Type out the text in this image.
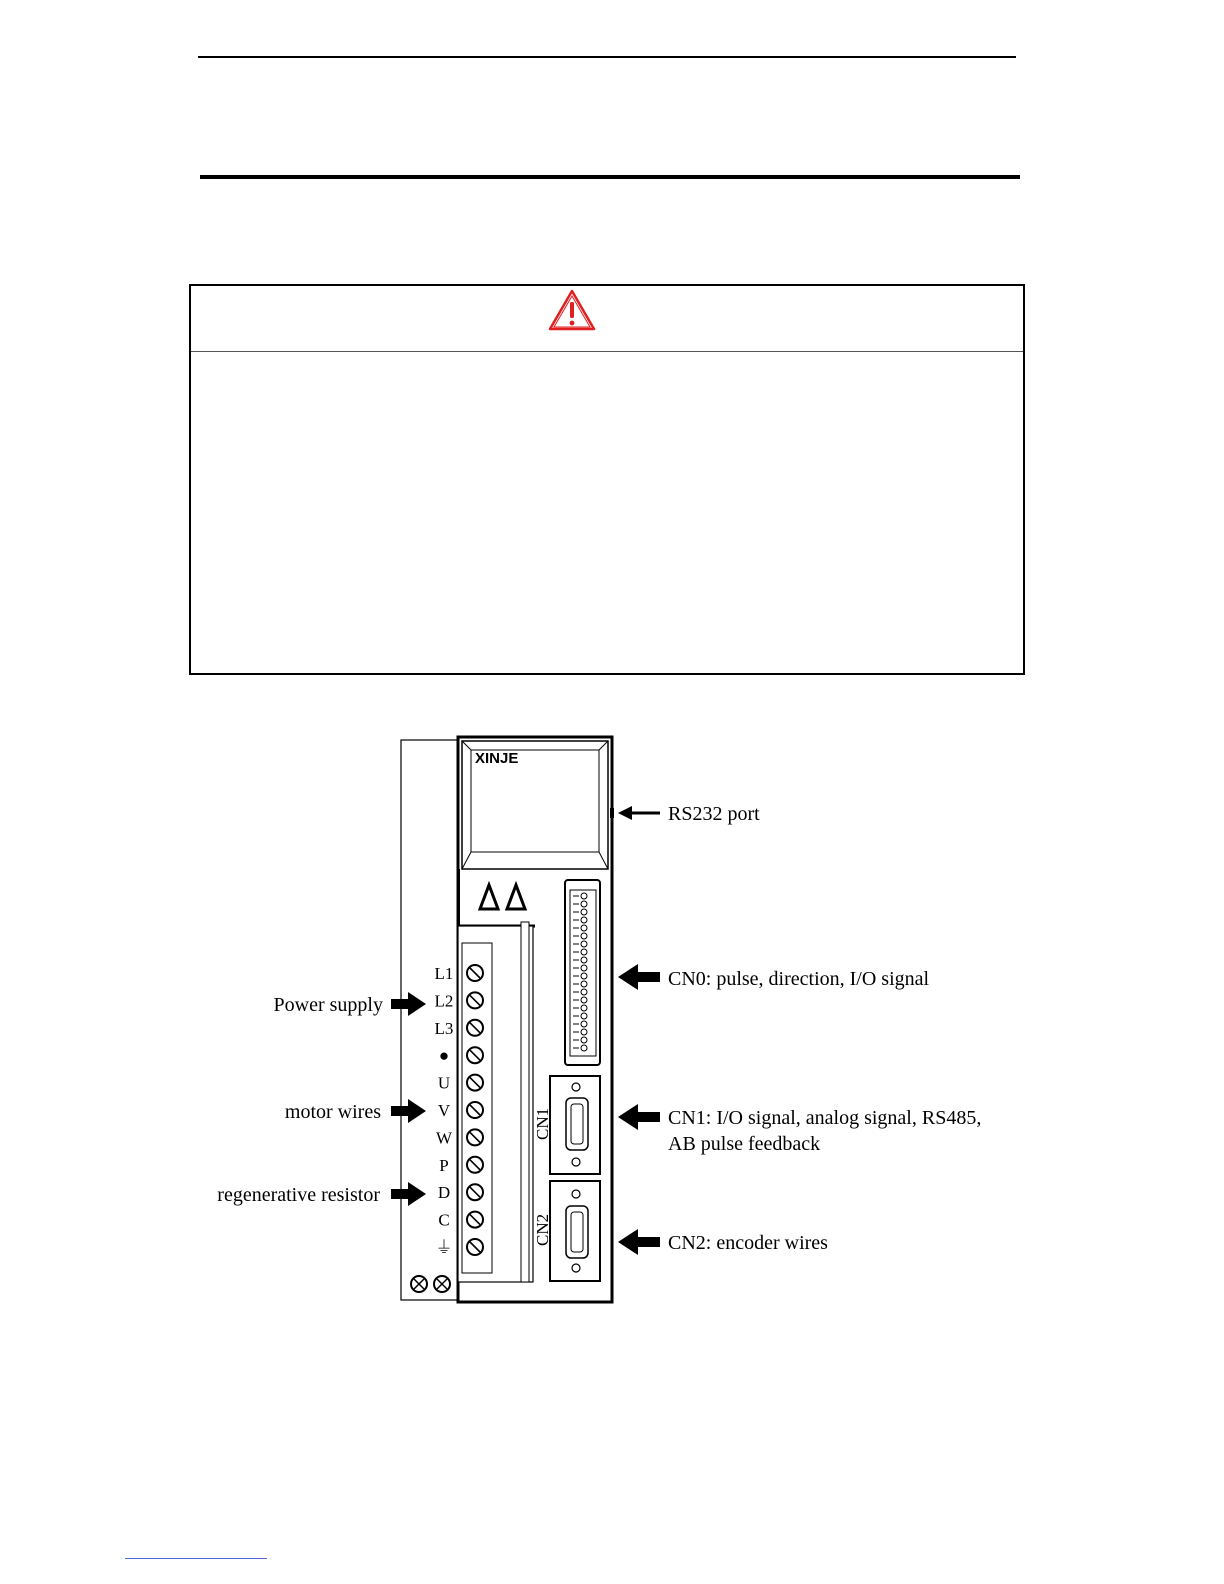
XINJE
L1
L2
L3
●
U
V
W
P
D
C
⏚
CN1
CN2
RS232 port
CN0: pulse, direction, I/O signal
CN1: I/O signal, analog signal, RS485,
AB pulse feedback
CN2: encoder wires
Power supply
motor wires
regenerative resistor
